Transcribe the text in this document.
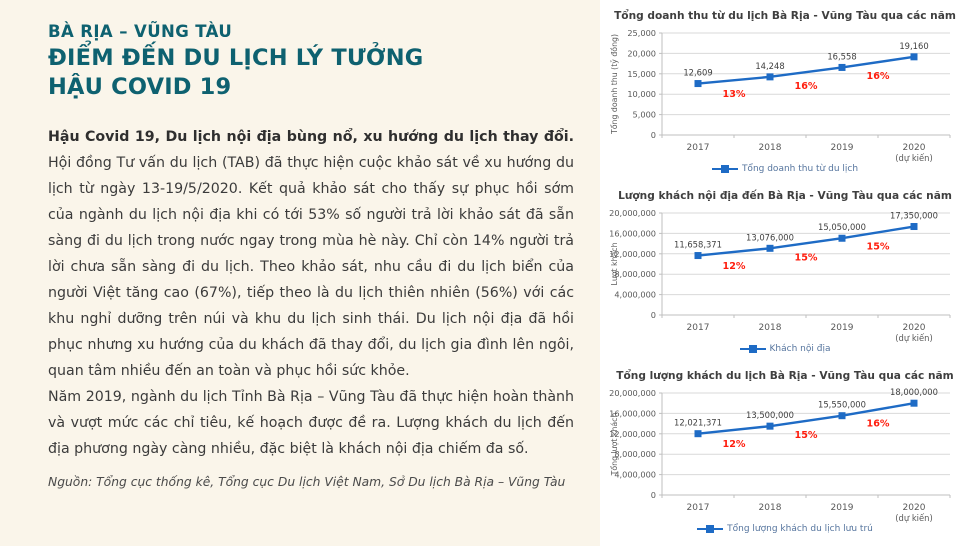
BÀ RỊA – VŨNG TÀU
ĐIỂM ĐẾN DU LỊCH LÝ TƯỞNG
HẬU COVID 19

Hậu Covid 19, Du lịch nội địa bùng nổ, xu hướng du lịch thay đổi. Hội đồng Tư vấn du lịch (TAB) đã thực hiện cuộc khảo sát về xu hướng du lịch từ ngày 13-19/5/2020. Kết quả khảo sát cho thấy sự phục hồi sớm của ngành du lịch nội địa khi có tới 53% số người trả lời khảo sát đã sẵn sàng đi du lịch trong nước ngay trong mùa hè này. Chỉ còn 14% người trả lời chưa sẵn sàng đi du lịch. Theo khảo sát, nhu cầu đi du lịch biển của người Việt tăng cao (67%), tiếp theo là du lịch thiên nhiên (56%) với các khu nghỉ dưỡng trên núi và khu du lịch sinh thái. Du lịch nội địa đã hồi phục nhưng xu hướng của du khách đã thay đổi, du lịch gia đình lên ngôi, quan tâm nhiều đến an toàn và phục hồi sức khỏe.

Năm 2019, ngành du lịch Tỉnh Bà Rịa – Vũng Tàu đã thực hiện hoàn thành và vượt mức các chỉ tiêu, kế hoạch được đề ra. Lượng khách du lịch đến địa phương ngày càng nhiều, đặc biệt là khách nội địa chiếm đa số.

Nguồn: Tổng cục thống kê, Tổng cục Du lịch Việt Nam, Sở Du lịch Bà Rịa – Vũng Tàu
Tổng doanh thu từ du lịch Bà Rịa - Vũng Tàu qua các năm
0
5,000
10,000
15,000
20,000
25,000
Tổng doanh thu (tỷ đồng)	12,609
14,248
16,558
19,160
13%
16%
16%
2017	2018	2019	2020
(dự kiến)
Tổng doanh thu từ du lịch
Lượng khách nội địa đến Bà Rịa - Vũng Tàu qua các năm
0
4,000,000
8,000,000
12,000,000
16,000,000
20,000,000
Lượt khách	11,658,371
13,076,000
15,050,000
17,350,000
12%
15%
15%
2017	2018	2019	2020
(dự kiến)
Khách nội địa
Tổng lượng khách du lịch Bà Rịa - Vũng Tàu qua các năm
0
4,000,000
8,000,000
12,000,000
16,000,000
20,000,000
Tổng lượt khách	12,021,371
13,500,000
15,550,000
18,000,000
12%
15%
16%
2017	2018	2019	2020
(dự kiến)
Tổng lượng khách du lịch lưu trú
